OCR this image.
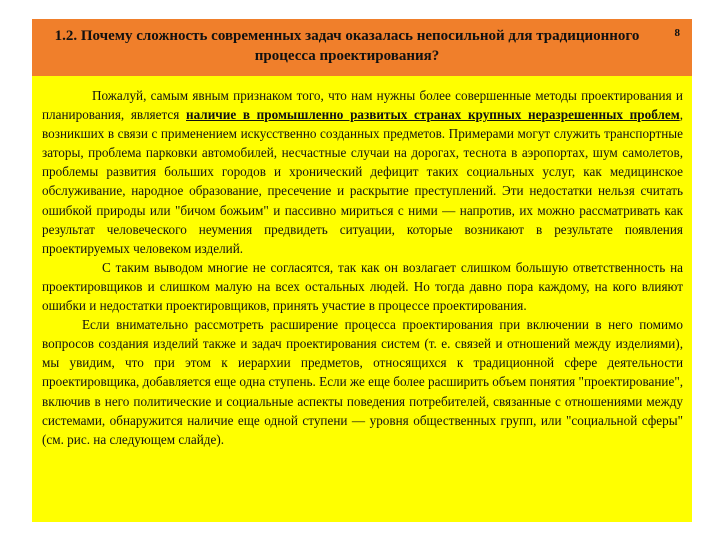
1.2. Почему сложность современных задач оказалась непосильной для традиционного процесса проектирования?
8

Пожалуй, самым явным признаком того, что нам нужны более совершенные методы проектирования и планирования, является наличие в промышленно развитых странах крупных неразрешенных проблем, возникших в связи с применением искусственно созданных предметов. Примерами могут служить транспортные заторы, проблема парковки автомобилей, несчастные случаи на дорогах, теснота в аэропортах, шум самолетов, проблемы развития больших городов и хронический дефицит таких социальных услуг, как медицинское обслуживание, народное образование, пресечение и раскрытие преступлений. Эти недостатки нельзя считать ошибкой природы или "бичом божьим" и пассивно мириться с ними — напротив, их можно рассматривать как результат человеческого неумения предвидеть ситуации, которые возникают в результате появления проектируемых человеком изделий.

С таким выводом многие не согласятся, так как он возлагает слишком большую ответственность на проектировщиков и слишком малую на всех остальных людей. Но тогда давно пора каждому, на кого влияют ошибки и недостатки проектировщиков, принять участие в процессе проектирования.

Если внимательно рассмотреть расширение процесса проектирования при включении в него помимо вопросов создания изделий также и задач проектирования систем (т. е. связей и отношений между изделиями), мы увидим, что при этом к иерархии предметов, относящихся к традиционной сфере деятельности проектировщика, добавляется еще одна ступень. Если же еще более расширить объем понятия "проектирование", включив в него политические и социальные аспекты поведения потребителей, связанные с отношениями между системами, обнаружится наличие еще одной ступени — уровня общественных групп, или "социальной сферы" (см. рис. на следующем слайде).
